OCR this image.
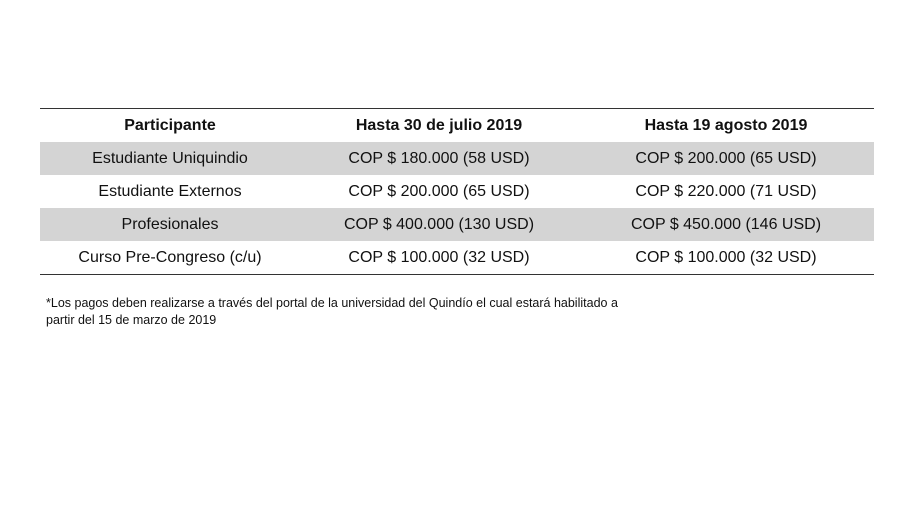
Participante	Hasta 30 de julio 2019	Hasta 19 agosto 2019
Estudiante Uniquindio	COP $ 180.000 (58 USD)	COP $ 200.000 (65 USD)
Estudiante Externos	COP $ 200.000 (65 USD)	COP $ 220.000 (71 USD)
Profesionales	COP $ 400.000 (130 USD)	COP $ 450.000 (146 USD)
Curso Pre-Congreso (c/u)	COP $ 100.000 (32 USD)	COP $ 100.000 (32 USD)
*Los pagos deben realizarse a través del portal de la universidad del Quindío el cual estará habilitado a
partir del 15 de marzo de 2019
